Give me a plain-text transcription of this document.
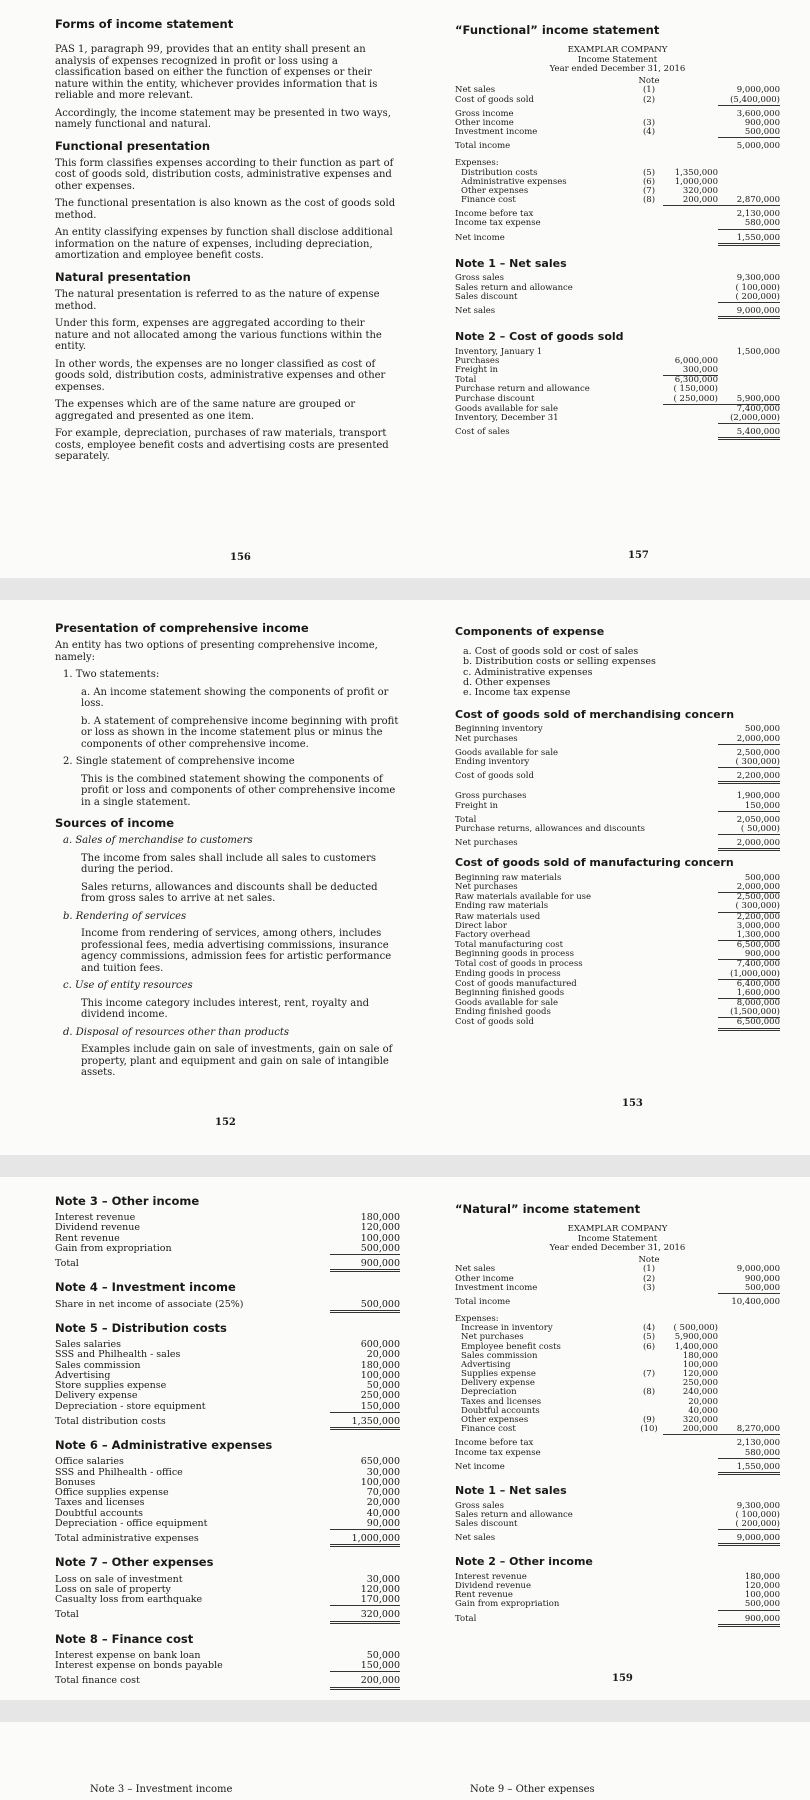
Forms of income statement

PAS 1, paragraph 99, provides that an entity shall present an analysis of expenses recognized in profit or loss using a classification based on either the function of expenses or their nature within the entity, whichever provides information that is reliable and more relevant.

Accordingly, the income statement may be presented in two ways, namely functional and natural.

Functional presentation

This form classifies expenses according to their function as part of cost of goods sold, distribution costs, administrative expenses and other expenses.

The functional presentation is also known as the cost of goods sold method.

An entity classifying expenses by function shall disclose additional information on the nature of expenses, including depreciation, amortization and employee benefit costs.

Natural presentation

The natural presentation is referred to as the nature of expense method.

Under this form, expenses are aggregated according to their nature and not allocated among the various functions within the entity.

In other words, the expenses are no longer classified as cost of goods sold, distribution costs, administrative expenses and other expenses.

The expenses which are of the same nature are grouped or aggregated and presented as one item.

For example, depreciation, purchases of raw materials, transport costs, employee benefit costs and advertising costs are presented separately.

156
“Functional” income statement
EXAMPLAR COMPANY
Income Statement
Year ended December 31, 2016
Note
Net sales	(1)	9,000,000
Cost of goods sold	(2)	(5,400,000)
Gross income	3,600,000
Other income	(3)	900,000
Investment income	(4)	500,000
Total income	5,000,000
Expenses:
Distribution costs	(5)	1,350,000
Administrative expenses	(6)	1,000,000
Other expenses	(7)	320,000
Finance cost	(8)	200,000	2,870,000
Income before tax	2,130,000
Income tax expense	580,000
Net income	1,550,000
Note 1 – Net sales
Gross sales	9,300,000
Sales return and allowance	( 100,000)
Sales discount	( 200,000)
Net sales	9,000,000
Note 2 – Cost of goods sold
Inventory, January 1	1,500,000
Purchases	6,000,000
Freight in	300,000
Total	6,300,000
Purchase return and allowance	( 150,000)
Purchase discount	( 250,000)	5,900,000
Goods available for sale	7,400,000
Inventory, December 31	(2,000,000)
Cost of sales	5,400,000
157
Presentation of comprehensive income

An entity has two options of presenting comprehensive income, namely:

1. Two statements:

a. An income statement showing the components of profit or loss.

b. A statement of comprehensive income beginning with profit or loss as shown in the income statement plus or minus the components of other comprehensive income.

2. Single statement of comprehensive income

This is the combined statement showing the components of profit or loss and components of other comprehensive income in a single statement.

Sources of income

a. Sales of merchandise to customers

The income from sales shall include all sales to customers during the period.

Sales returns, allowances and discounts shall be deducted from gross sales to arrive at net sales.

b. Rendering of services

Income from rendering of services, among others, includes professional fees, media advertising commissions, insurance agency commissions, admission fees for artistic performance and tuition fees.

c. Use of entity resources

This income category includes interest, rent, royalty and dividend income.

d. Disposal of resources other than products

Examples include gain on sale of investments, gain on sale of property, plant and equipment and gain on sale of intangible assets.

152
Components of expense
a. Cost of goods sold or cost of sales
b. Distribution costs or selling expenses
c. Administrative expenses
d. Other expenses
e. Income tax expense
Cost of goods sold of merchandising concern
Beginning inventory	500,000
Net purchases	2,000,000
Goods available for sale	2,500,000
Ending inventory	( 300,000)
Cost of goods sold	2,200,000
Gross purchases	1,900,000
Freight in	150,000
Total	2,050,000
Purchase returns, allowances and discounts	( 50,000)
Net purchases	2,000,000
Cost of goods sold of manufacturing concern
Beginning raw materials	500,000
Net purchases	2,000,000
Raw materials available for use	2,500,000
Ending raw materials	( 300,000)
Raw materials used	2,200,000
Direct labor	3,000,000
Factory overhead	1,300,000
Total manufacturing cost	6,500,000
Beginning goods in process	900,000
Total cost of goods in process	7,400,000
Ending goods in process	(1,000,000)
Cost of goods manufactured	6,400,000
Beginning finished goods	1,600,000
Goods available for sale	8,000,000
Ending finished goods	(1,500,000)
Cost of goods sold	6,500,000
153
Note 3 – Other income
Interest revenue	180,000
Dividend revenue	120,000
Rent revenue	100,000
Gain from expropriation	500,000
Total	900,000
Note 4 – Investment income
Share in net income of associate (25%)	500,000
Note 5 – Distribution costs
Sales salaries	600,000
SSS and Philhealth - sales	20,000
Sales commission	180,000
Advertising	100,000
Store supplies expense	50,000
Delivery expense	250,000
Depreciation - store equipment	150,000
Total distribution costs	1,350,000
Note 6 – Administrative expenses
Office salaries	650,000
SSS and Philhealth - office	30,000
Bonuses	100,000
Office supplies expense	70,000
Taxes and licenses	20,000
Doubtful accounts	40,000
Depreciation - office equipment	90,000
Total administrative expenses	1,000,000
Note 7 – Other expenses
Loss on sale of investment	30,000
Loss on sale of property	120,000
Casualty loss from earthquake	170,000
Total	320,000
Note 8 – Finance cost
Interest expense on bank loan	50,000
Interest expense on bonds payable	150,000
Total finance cost	200,000
“Natural” income statement
EXAMPLAR COMPANY
Income Statement
Year ended December 31, 2016
Note
Net sales	(1)	9,000,000
Other income	(2)	900,000
Investment income	(3)	500,000
Total income	10,400,000
Expenses:
Increase in inventory	(4)	( 500,000)
Net purchases	(5)	5,900,000
Employee benefit costs	(6)	1,400,000
Sales commission	180,000
Advertising	100,000
Supplies expense	(7)	120,000
Delivery expense	250,000
Depreciation	(8)	240,000
Taxes and licenses	20,000
Doubtful accounts	40,000
Other expenses	(9)	320,000
Finance cost	(10)	200,000	8,270,000
Income before tax	2,130,000
Income tax expense	580,000
Net income	1,550,000
Note 1 – Net sales
Gross sales	9,300,000
Sales return and allowance	( 100,000)
Sales discount	( 200,000)
Net sales	9,000,000
Note 2 – Other income
Interest revenue	180,000
Dividend revenue	120,000
Rent revenue	100,000
Gain from expropriation	500,000
Total	900,000
159
Note 3 – Investment income	Note 9 – Other expenses
